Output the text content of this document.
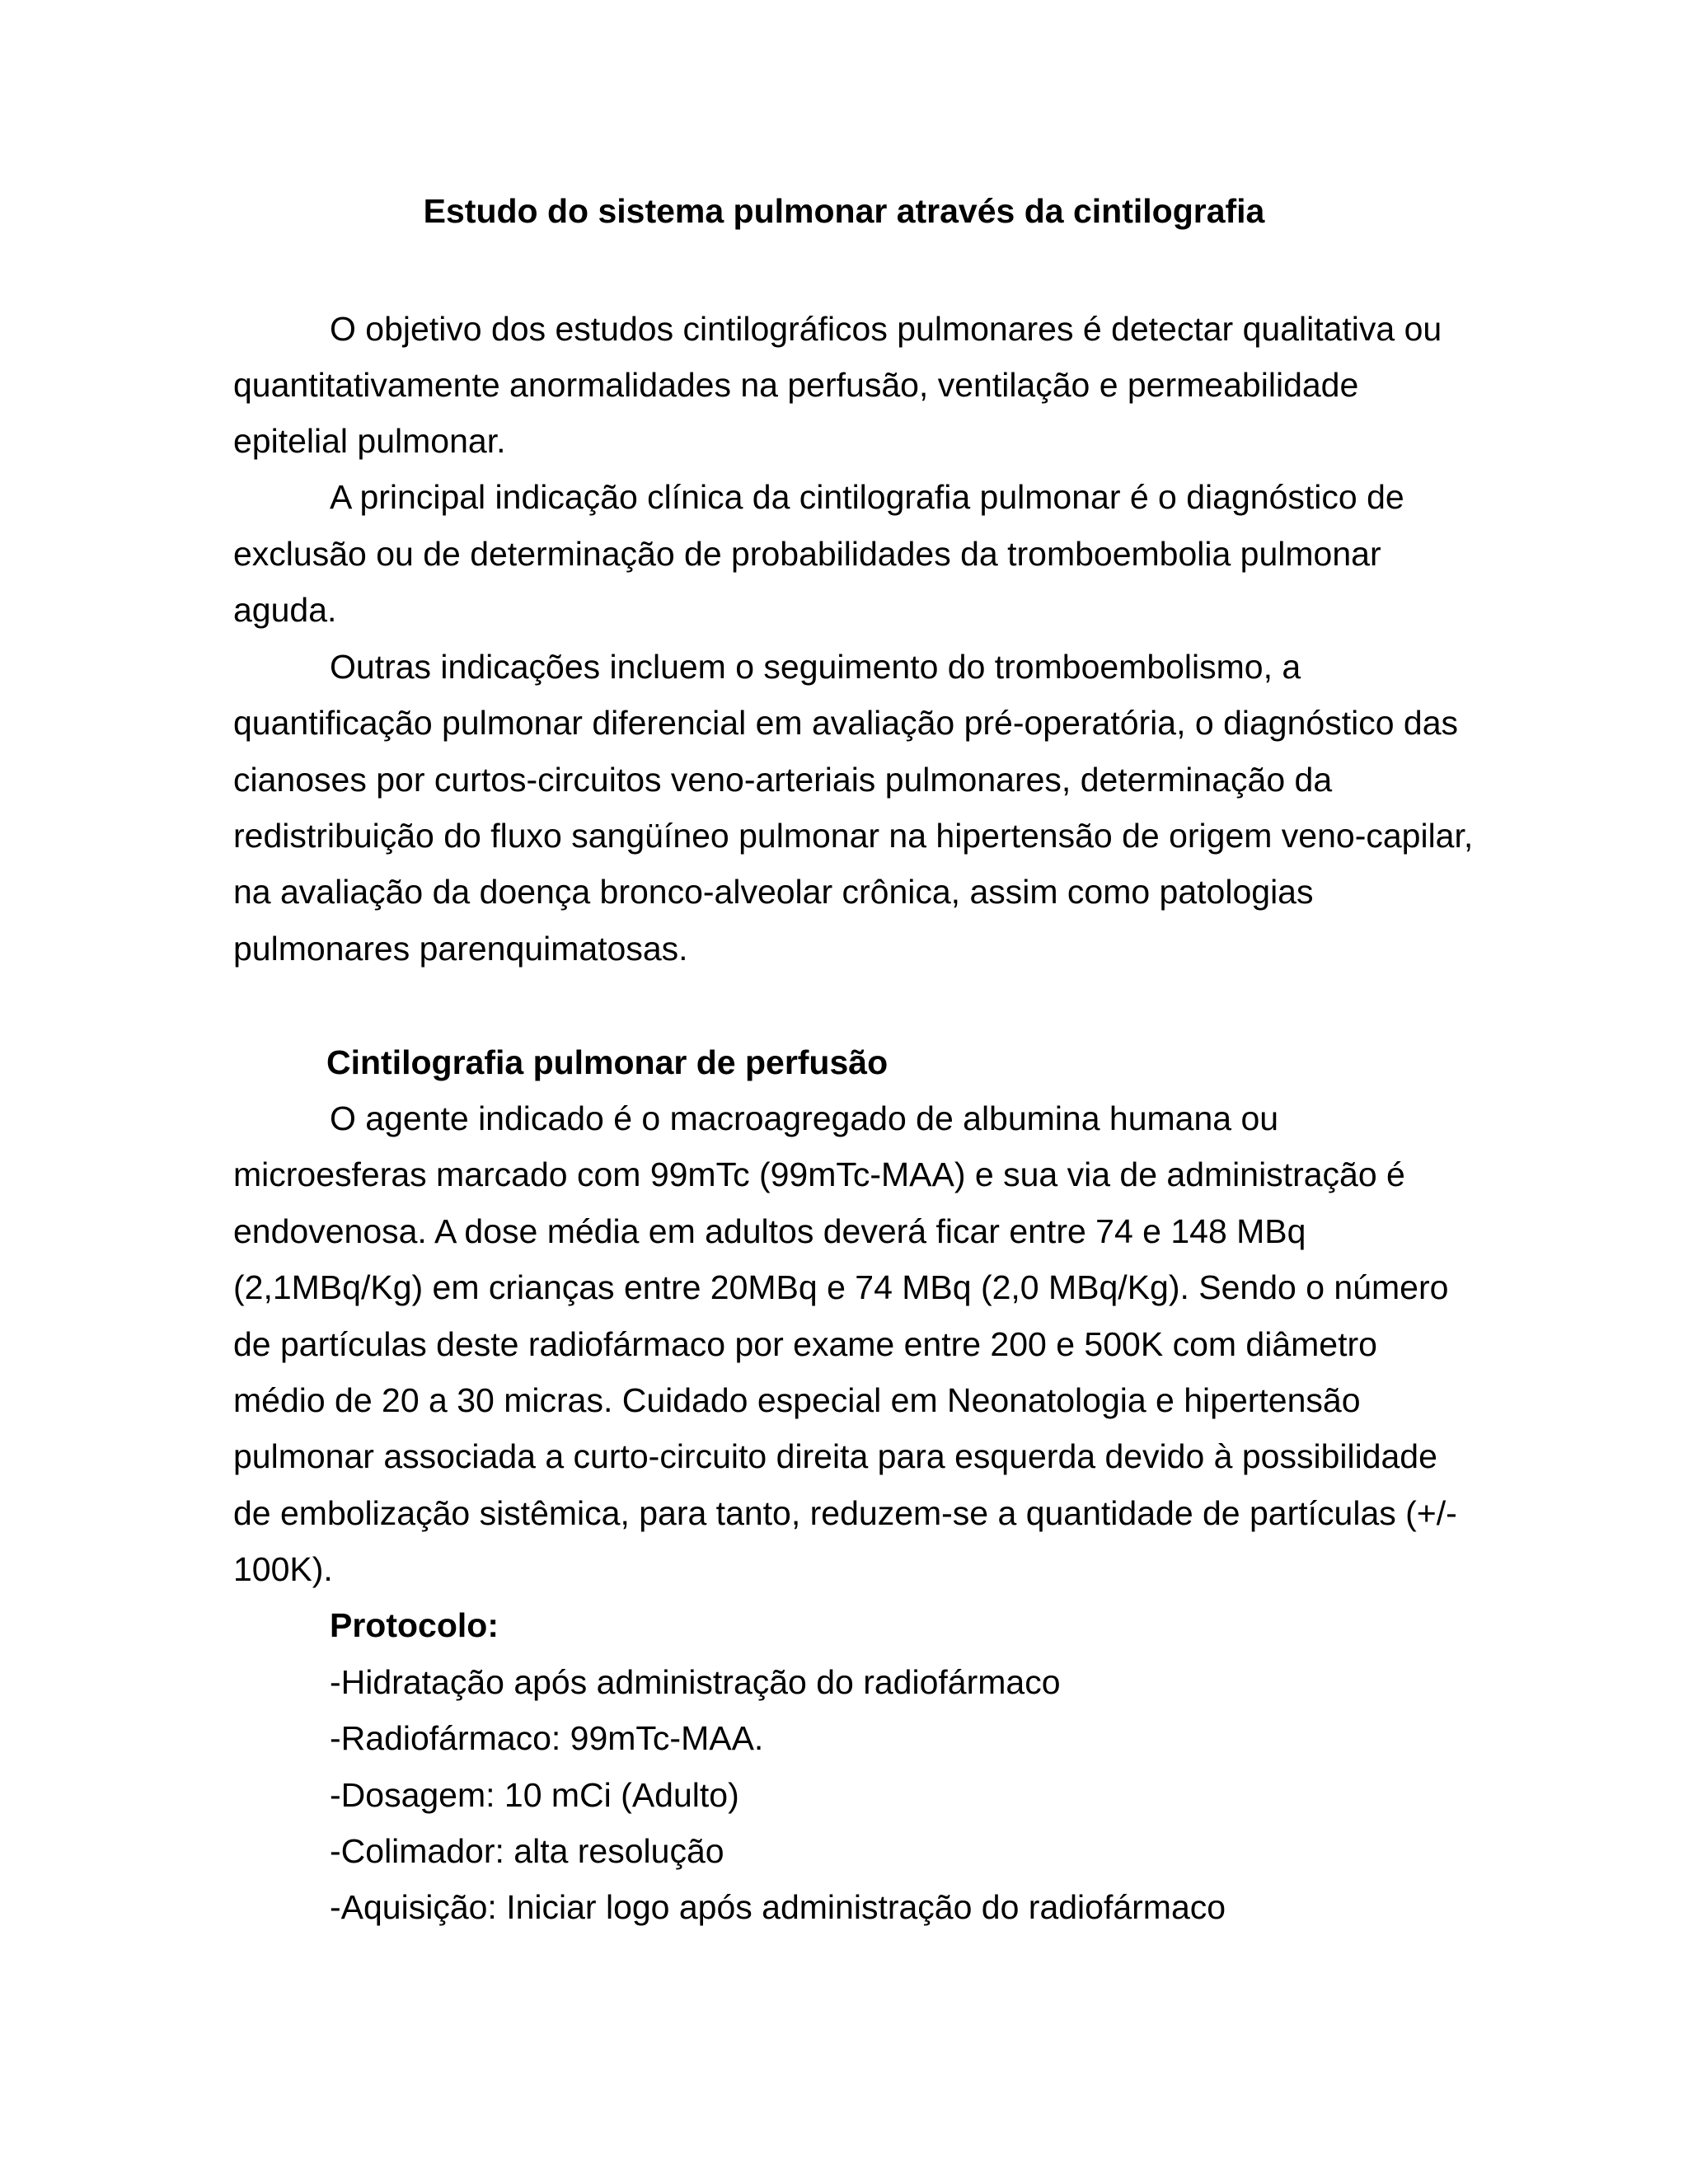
Estudo do sistema pulmonar através da cintilografia

O objetivo dos estudos cintilográficos pulmonares é detectar qualitativa ou

quantitativamente anormalidades na perfusão, ventilação e permeabilidade

epitelial pulmonar.

A principal indicação clínica da cintilografia pulmonar é o diagnóstico de

exclusão ou de determinação de probabilidades da tromboembolia pulmonar

aguda.

Outras indicações incluem o seguimento do tromboembolismo, a

quantificação pulmonar diferencial em avaliação pré-operatória, o diagnóstico das

cianoses por curtos-circuitos veno-arteriais pulmonares, determinação da

redistribuição do fluxo sangüíneo pulmonar na hipertensão de origem veno-capilar,

na avaliação da doença bronco-alveolar crônica, assim como patologias

pulmonares parenquimatosas.

Cintilografia pulmonar de perfusão

O agente indicado é o macroagregado de albumina humana ou

microesferas marcado com 99mTc (99mTc-MAA) e sua via de administração é

endovenosa. A dose média em adultos deverá ficar entre 74 e 148 MBq

(2,1MBq/Kg) em crianças entre 20MBq e 74 MBq (2,0 MBq/Kg). Sendo o número

de partículas deste radiofármaco por exame entre 200 e 500K com diâmetro

médio de 20 a 30 micras. Cuidado especial em Neonatologia e hipertensão

pulmonar associada a curto-circuito direita para esquerda devido à possibilidade

de embolização sistêmica, para tanto, reduzem-se a quantidade de partículas (+/-

100K).

Protocolo:

-Hidratação após administração do radiofármaco

-Radiofármaco: 99mTc-MAA.

-Dosagem: 10 mCi (Adulto)

-Colimador: alta resolução

-Aquisição: Iniciar logo após administração do radiofármaco
